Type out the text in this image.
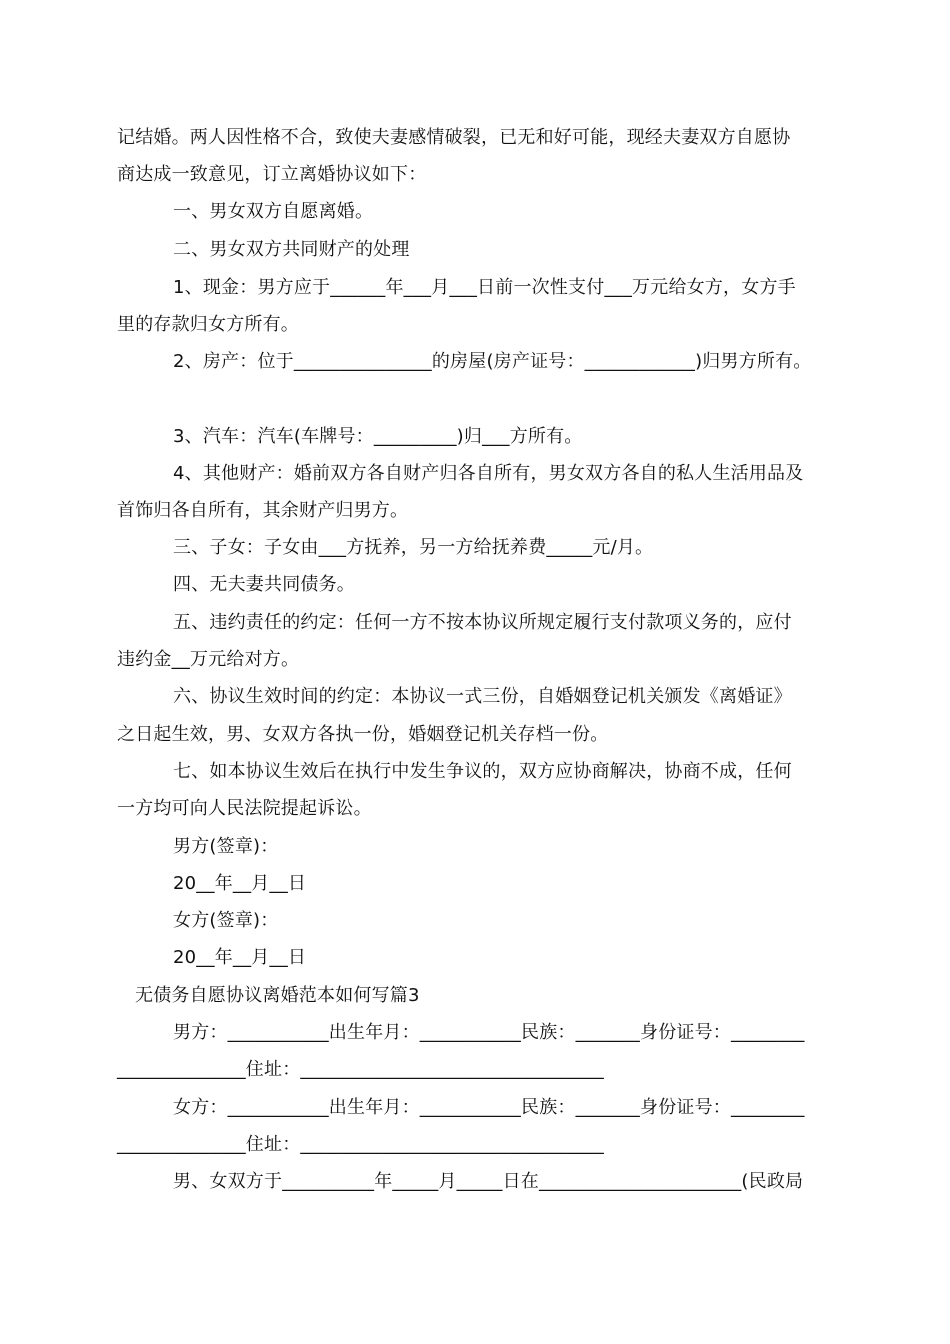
记结婚。两人因性格不合，致使夫妻感情破裂，已无和好可能，现经夫妻双方自愿协
商达成一致意见，订立离婚协议如下：
一、男女双方自愿离婚。
二、男女双方共同财产的处理
1、现金：男方应于______年___月___日前一次性支付___万元给女方，女方手
里的存款归女方所有。
2、房产：位于_______________的房屋(房产证号：____________)归男方所有。
3、汽车：汽车(车牌号：_________)归___方所有。
4、其他财产：婚前双方各自财产归各自所有，男女双方各自的私人生活用品及
首饰归各自所有，其余财产归男方。
三、子女：子女由___方抚养，另一方给抚养费_____元/月。
四、无夫妻共同债务。
五、违约责任的约定：任何一方不按本协议所规定履行支付款项义务的，应付
违约金__万元给对方。
六、协议生效时间的约定：本协议一式三份，自婚姻登记机关颁发《离婚证》
之日起生效，男、女双方各执一份，婚姻登记机关存档一份。
七、如本协议生效后在执行中发生争议的，双方应协商解决，协商不成，任何
一方均可向人民法院提起诉讼。
男方(签章)：
20__年__月__日
女方(签章)：
20__年__月__日
无债务自愿协议离婚范本如何写篇3
男方：___________出生年月：___________民族：_______身份证号：________
______________住址：_________________________________
女方：___________出生年月：___________民族：_______身份证号：________
______________住址：_________________________________
男、女双方于__________年_____月_____日在______________________(民政局
